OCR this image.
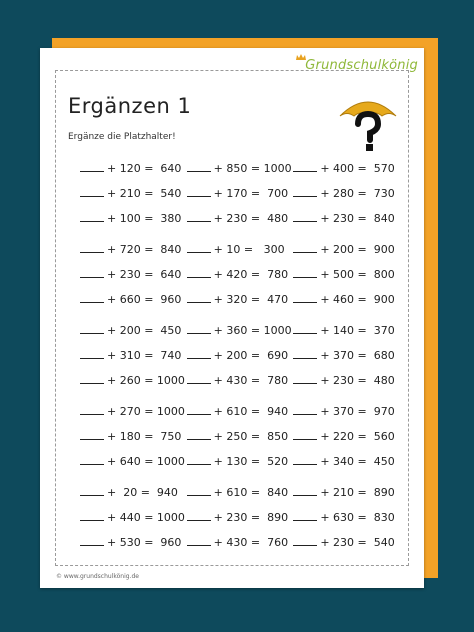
Grundschulkönig
Ergänzen 1
Ergänze die Platzhalter!
+ 120 =  640	+ 850 = 1000	+ 400 =  570
+ 210 =  540	+ 170 =  700	+ 280 =  730
+ 100 =  380	+ 230 =  480	+ 230 =  840
+ 720 =  840	+ 10 =   300	+ 200 =  900
+ 230 =  640	+ 420 =  780	+ 500 =  800
+ 660 =  960	+ 320 =  470	+ 460 =  900
+ 200 =  450	+ 360 = 1000	+ 140 =  370
+ 310 =  740	+ 200 =  690	+ 370 =  680
+ 260 = 1000	+ 430 =  780	+ 230 =  480
+ 270 = 1000	+ 610 =  940	+ 370 =  970
+ 180 =  750	+ 250 =  850	+ 220 =  560
+ 640 = 1000	+ 130 =  520	+ 340 =  450
+  20 =  940	+ 610 =  840	+ 210 =  890
+ 440 = 1000	+ 230 =  890	+ 630 =  830
+ 530 =  960	+ 430 =  760	+ 230 =  540
© www.grundschulkönig.de
